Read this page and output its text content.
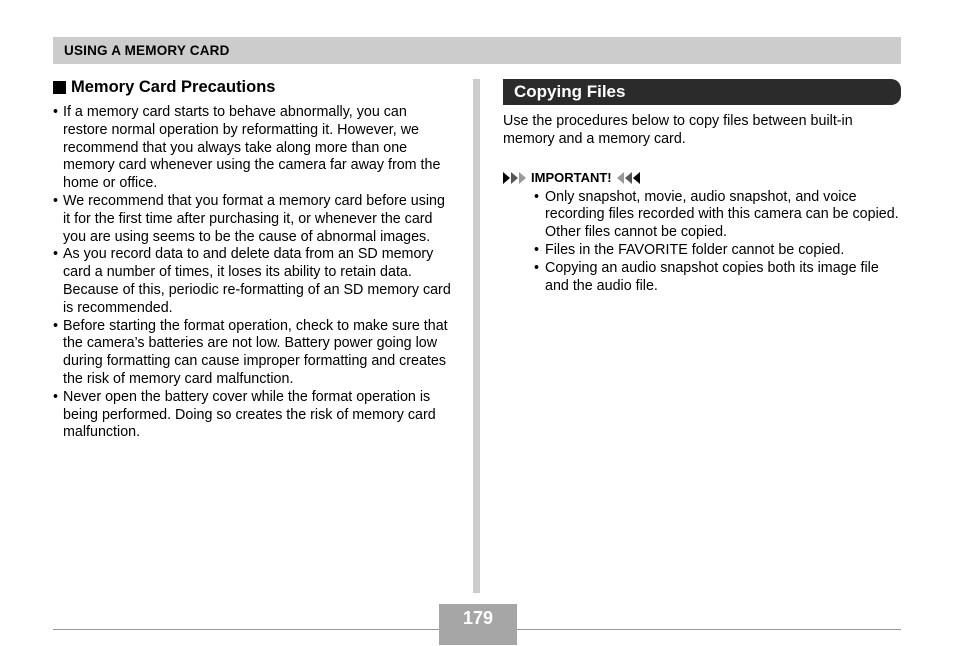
USING A MEMORY CARD
Memory Card Precautions
• If a memory card starts to behave abnormally, you can restore normal operation by reformatting it. However, we recommend that you always take along more than one memory card whenever using the camera far away from the home or office.
• We recommend that you format a memory card before using it for the first time after purchasing it, or whenever the card you are using seems to be the cause of abnormal images.
• As you record data to and delete data from an SD memory card a number of times, it loses its ability to retain data. Because of this, periodic re-formatting of an SD memory card is recommended.
• Before starting the format operation, check to make sure that the camera’s batteries are not low. Battery power going low during formatting can cause improper formatting and creates the risk of memory card malfunction.
• Never open the battery cover while the format operation is being performed. Doing so creates the risk of memory card malfunction.
Copying Files

Use the procedures below to copy files between built-in memory and a memory card.

IMPORTANT!
• Only snapshot, movie, audio snapshot, and voice recording files recorded with this camera can be copied. Other files cannot be copied.
• Files in the FAVORITE folder cannot be copied.
• Copying an audio snapshot copies both its image file and the audio file.
179
